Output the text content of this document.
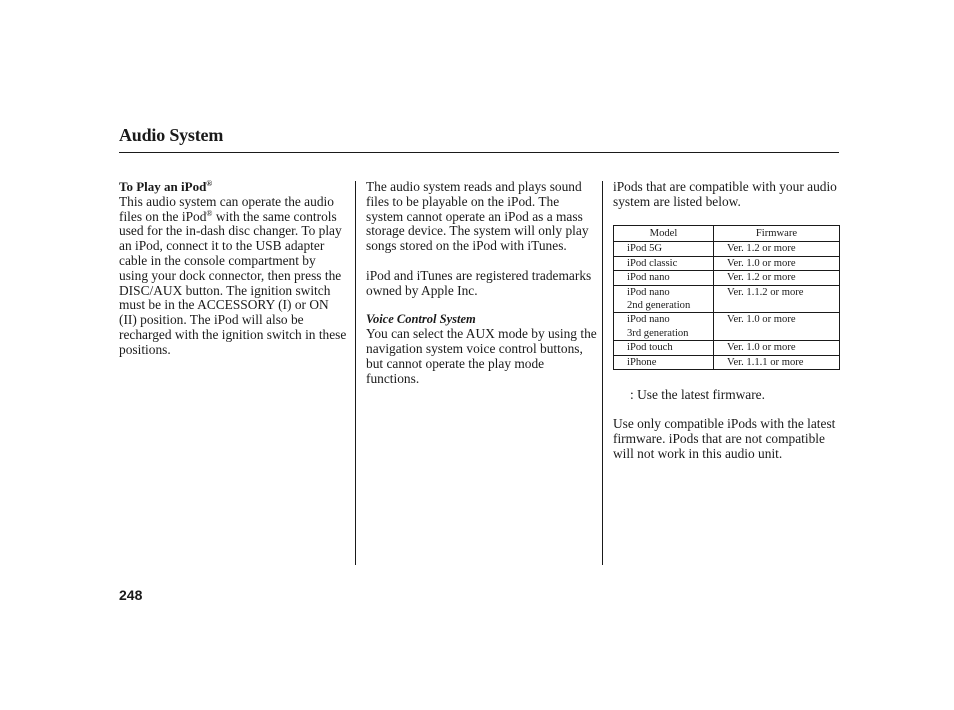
Audio System

To Play an iPod®

This audio system can operate the audio files on the iPod® with the same controls used for the in-dash disc changer. To play an iPod, connect it to the USB adapter cable in the console compartment by using your dock connector, then press the DISC/AUX button. The ignition switch must be in the ACCESSORY (I) or ON (II) position. The iPod will also be recharged with the ignition switch in these positions.

The audio system reads and plays sound files to be playable on the iPod. The system cannot operate an iPod as a mass storage device. The system will only play songs stored on the iPod with iTunes.

iPod and iTunes are registered trademarks owned by Apple Inc.

Voice Control System

You can select the AUX mode by using the navigation system voice control buttons, but cannot operate the play mode functions.

iPods that are compatible with your audio system are listed below.

Model	Firmware
iPod 5G	Ver. 1.2 or more
iPod classic	Ver. 1.0 or more
iPod nano	Ver. 1.2 or more
iPod nano
2nd generation	Ver. 1.1.2 or more
iPod nano
3rd generation	Ver. 1.0 or more
iPod touch	Ver. 1.0 or more
iPhone	Ver. 1.1.1 or more
: Use the latest firmware.

Use only compatible iPods with the latest firmware. iPods that are not compatible will not work in this audio unit.

248
